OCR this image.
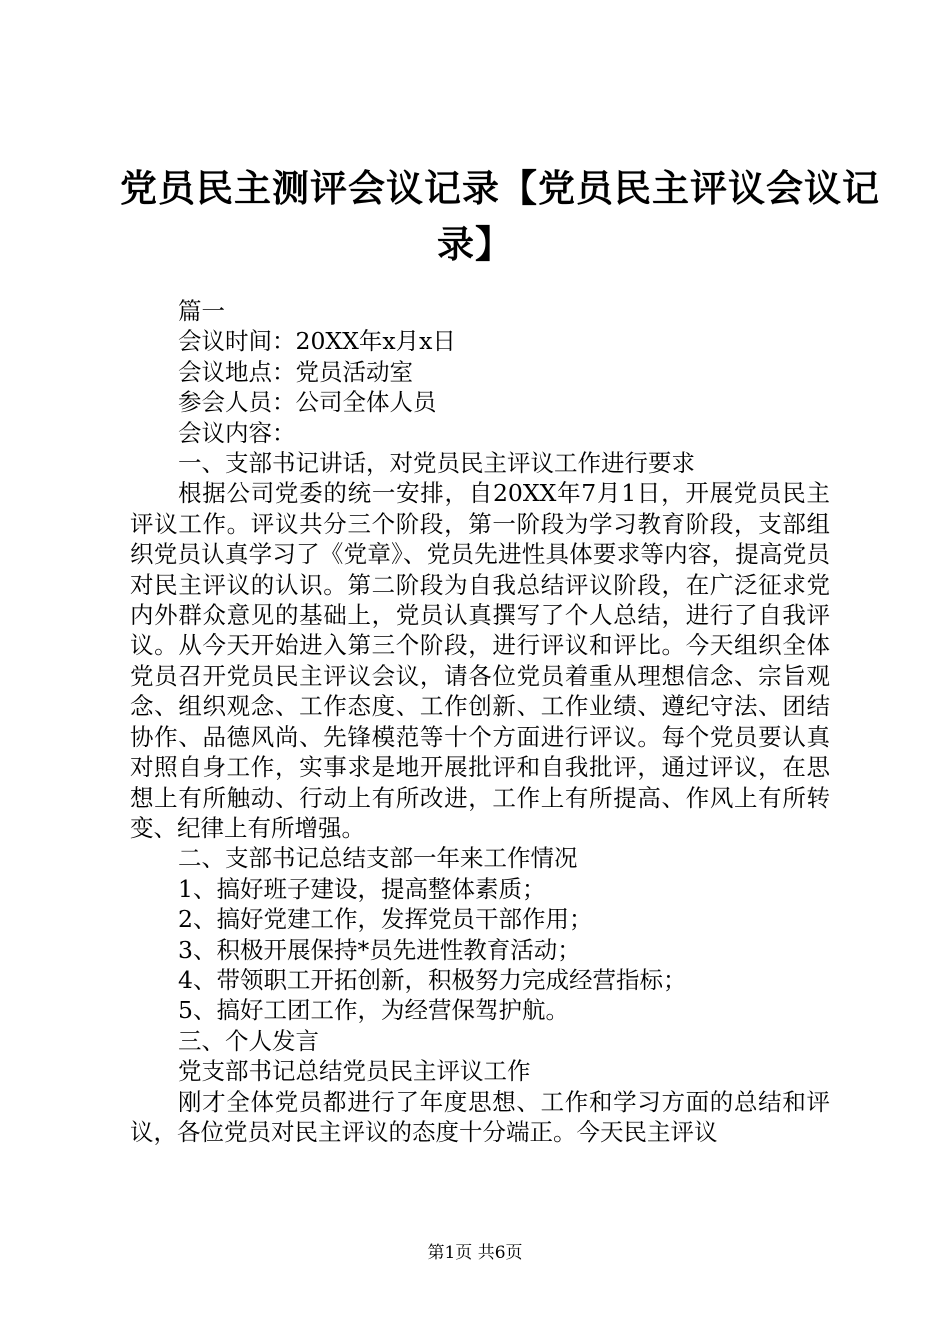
党员民主测评会议记录【党员民主评议会议记
录】

篇一

会议时间：20XX年x月x日

会议地点：党员活动室

参会人员：公司全体人员

会议内容：

一、支部书记讲话，对党员民主评议工作进行要求

根据公司党委的统一安排，自20XX年7月1日，开展党员民主评议工作。评议共分三个阶段，第一阶段为学习教育阶段，支部组织党员认真学习了《党章》、党员先进性具体要求等内容，提高党员对民主评议的认识。第二阶段为自我总结评议阶段，在广泛征求党内外群众意见的基础上，党员认真撰写了个人总结，进行了自我评议。从今天开始进入第三个阶段，进行评议和评比。今天组织全体党员召开党员民主评议会议，请各位党员着重从理想信念、宗旨观念、组织观念、工作态度、工作创新、工作业绩、遵纪守法、团结协作、品德风尚、先锋模范等十个方面进行评议。每个党员要认真对照自身工作，实事求是地开展批评和自我批评，通过评议，在思想上有所触动、行动上有所改进，工作上有所提高、作风上有所转变、纪律上有所增强。

二、支部书记总结支部一年来工作情况

1、搞好班子建设，提高整体素质；

2、搞好党建工作，发挥党员干部作用；

3、积极开展保持*员先进性教育活动；

4、带领职工开拓创新，积极努力完成经营指标；

5、搞好工团工作，为经营保驾护航。

三、个人发言

党支部书记总结党员民主评议工作

刚才全体党员都进行了年度思想、工作和学习方面的总结和评议，各位党员对民主评议的态度十分端正。今天民主评议

第1页 共6页
